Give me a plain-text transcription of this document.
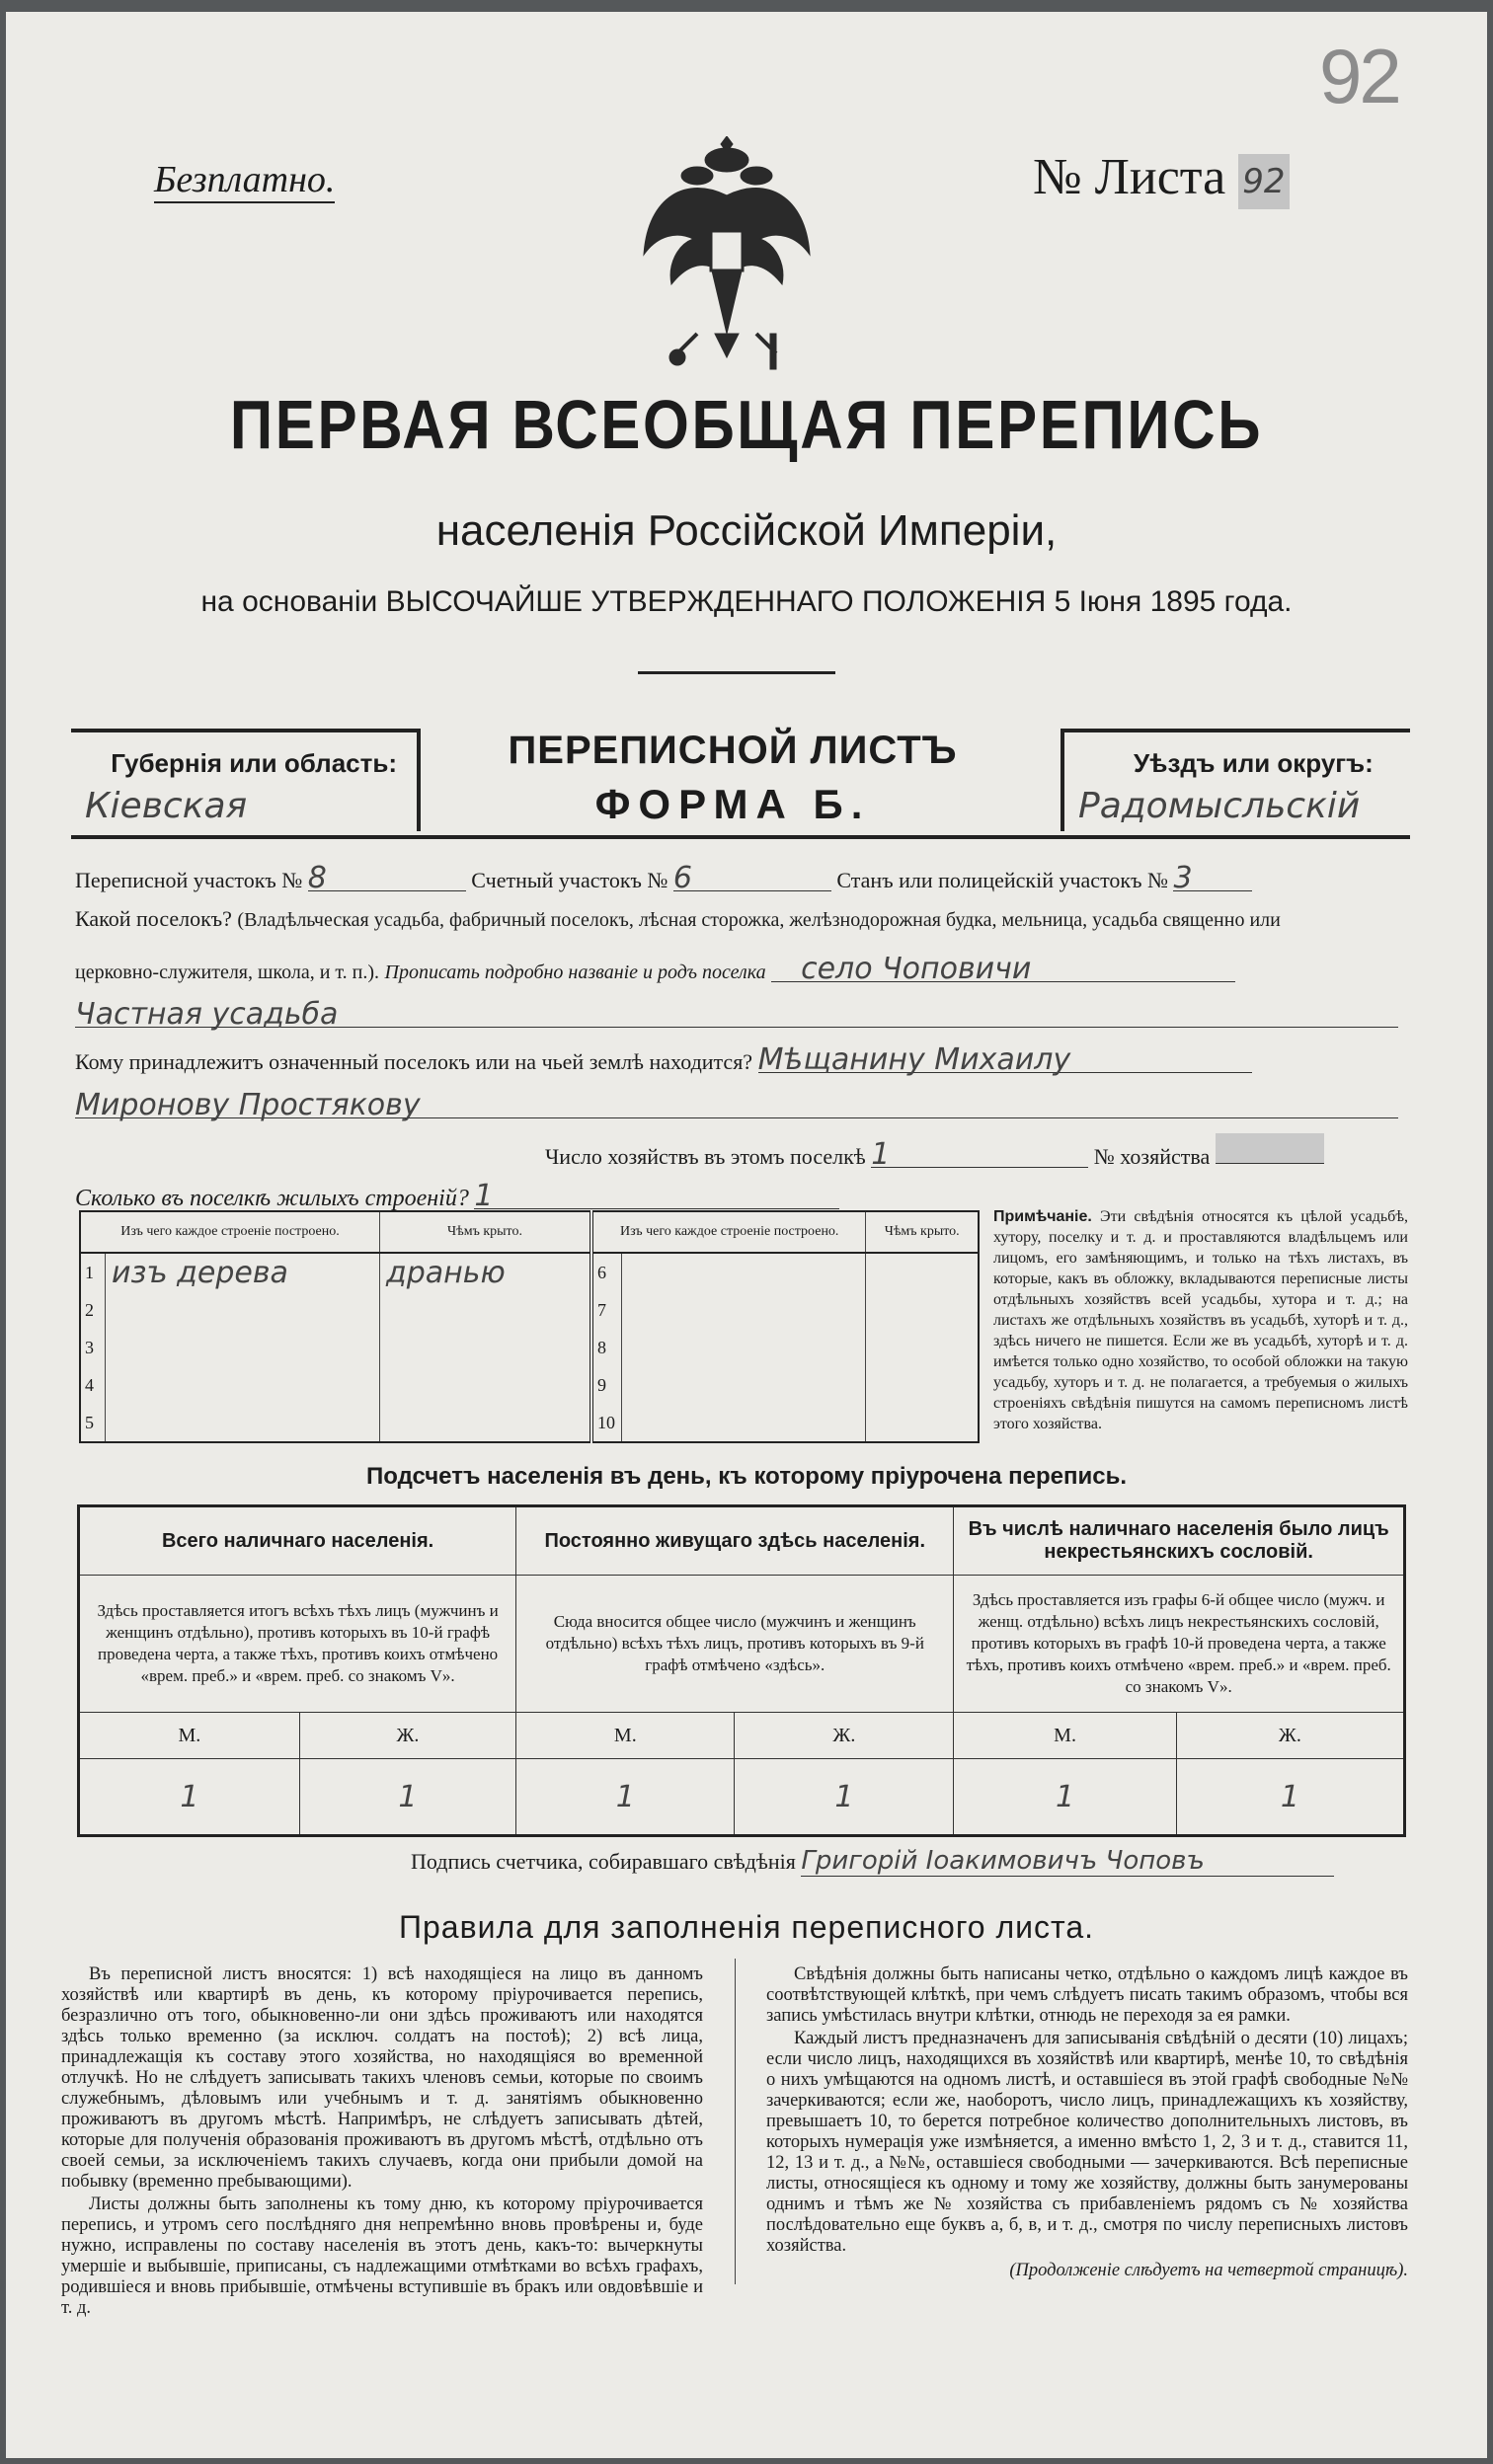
92
Безплатно.	№ Листа 92
ПЕРВАЯ ВСЕОБЩАЯ ПЕРЕПИСЬ
населенія Россійской Имперіи,
на основаніи ВЫСОЧАЙШЕ УТВЕРЖДЕННАГО ПОЛОЖЕНІЯ 5 Іюня 1895 года.
Губернія или область:
Кіевская
ПЕРЕПИСНОЙ ЛИСТЪ
ФОРМА Б.
Уѣздъ или округъ:
Радомысльскій
Переписной участокъ № 8	Счетный участокъ № 6	Станъ или полицейскій участокъ № 3
Какой поселокъ? (Владѣльческая усадьба, фабричный поселокъ, лѣсная сторожка, желѣзнодорожная будка, мельница, усадьба священно или
церковно-служителя, школа, и т. п.). Прописать подробно названіе и родъ поселка село Чоповичи
Частная усадьба
Кому принадлежитъ означенный поселокъ или на чьей землѣ находится? Мѣщанину Михаилу
Миронову Простякову
Число хозяйствъ въ этомъ поселкѣ 1	№ хозяйства
Сколько въ поселкѣ жилыхъ строеній? 1
Изъ чего каждое строеніе построено.		Чѣмъ крыто.	Изъ чего каждое строеніе построено.		Чѣмъ крыто.
1	изъ дерева	дранью	6		
2			7		
3			8		
4			9		
5			10		
Примѣчаніе. Эти свѣдѣнія относятся къ цѣлой усадьбѣ, хутору, поселку и т. д. и проставляются владѣльцемъ или лицомъ, его замѣняющимъ, и только на тѣхъ листахъ, въ которые, какъ въ обложку, вкладываются переписные листы отдѣльныхъ хозяйствъ всей усадьбы, хутора и т. д.; на листахъ же отдѣльныхъ хозяйствъ въ усадьбѣ, хуторѣ и т. д., здѣсь ничего не пишется. Если же въ усадьбѣ, хуторѣ и т. д. имѣется только одно хозяйство, то особой обложки на такую усадьбу, хуторъ и т. д. не полагается, а требуемыя о жилыхъ строеніяхъ свѣдѣнія пишутся на самомъ переписномъ листѣ этого хозяйства.
Подсчетъ населенія въ день, къ которому пріурочена перепись.
Всего наличнаго населенія.		Постоянно живущаго здѣсь населенія.		Въ числѣ наличнаго населенія было лицъ некрестьянскихъ сословій.	
Здѣсь проставляется итогъ всѣхъ тѣхъ лицъ (мужчинъ и женщинъ отдѣльно), противъ которыхъ въ 10-й графѣ проведена черта, а также тѣхъ, противъ коихъ отмѣчено «врем. преб.» и «врем. преб. со знакомъ V».		Сюда вносится общее число (мужчинъ и женщинъ отдѣльно) всѣхъ тѣхъ лицъ, противъ которыхъ въ 9-й графѣ отмѣчено «здѣсь».		Здѣсь проставляется изъ графы 6-й общее число (мужч. и женщ. отдѣльно) всѣхъ лицъ некрестьянскихъ сословій, противъ которыхъ въ графѣ 10-й проведена черта, а также тѣхъ, противъ коихъ отмѣчено «врем. преб.» и «врем. преб. со знакомъ V».	
М.	Ж.	М.	Ж.	М.	Ж.
1	1	1	1	1	1
Подпись счетчика, собиравшаго свѣдѣнія Григорій Іоакимовичъ Чоповъ
Правила для заполненія переписного листа.

Въ переписной листъ вносятся: 1) всѣ находящіеся на лицо въ данномъ хозяйствѣ или квартирѣ въ день, къ которому пріурочивается перепись, безразлично отъ того, обыкновенно-ли они здѣсь проживаютъ или находятся здѣсь только временно (за исключ. солдатъ на постоѣ); 2) всѣ лица, принадлежащія къ составу этого хозяйства, но находящіяся во временной отлучкѣ. Но не слѣдуетъ записывать такихъ членовъ семьи, которые по своимъ служебнымъ, дѣловымъ или учебнымъ и т. д. занятіямъ обыкновенно проживаютъ въ другомъ мѣстѣ. Напримѣръ, не слѣдуетъ записывать дѣтей, которые для полученія образованія проживаютъ въ другомъ мѣстѣ, отдѣльно отъ своей семьи, за исключеніемъ такихъ случаевъ, когда они прибыли домой на побывку (временно пребывающими).

Листы должны быть заполнены къ тому дню, къ которому пріурочивается перепись, и утромъ сего послѣдняго дня непремѣнно вновь провѣрены и, буде нужно, исправлены по составу населенія въ этотъ день, какъ-то: вычеркнуты умершіе и выбывшіе, приписаны, съ надлежащими отмѣтками во всѣхъ графахъ, родившіеся и вновь прибывшіе, отмѣчены вступившіе въ бракъ или овдовѣвшіе и т. д.

Свѣдѣнія должны быть написаны четко, отдѣльно о каждомъ лицѣ каждое въ соотвѣтствующей клѣткѣ, при чемъ слѣдуетъ писать такимъ образомъ, чтобы вся запись умѣстилась внутри клѣтки, отнюдь не переходя за ея рамки.

Каждый листъ предназначенъ для записыванія свѣдѣній о десяти (10) лицахъ; если число лицъ, находящихся въ хозяйствѣ или квартирѣ, менѣе 10, то свѣдѣнія о нихъ умѣщаются на одномъ листѣ, и оставшіеся въ этой графѣ свободные №№ зачеркиваются; если же, наоборотъ, число лицъ, принадлежащихъ къ хозяйству, превышаетъ 10, то берется потребное количество дополнительныхъ листовъ, въ которыхъ нумерація уже измѣняется, а именно вмѣсто 1, 2, 3 и т. д., ставится 11, 12, 13 и т. д., а №№, оставшіеся свободными — зачеркиваются. Всѣ переписные листы, относящіеся къ одному и тому же хозяйству, должны быть занумерованы однимъ и тѣмъ же № хозяйства съ прибавленіемъ рядомъ съ № хозяйства послѣдовательно еще буквъ а, б, в, и т. д., смотря по числу переписныхъ листовъ хозяйства.

(Продолженіе слѣдуетъ на четвертой страницѣ).
